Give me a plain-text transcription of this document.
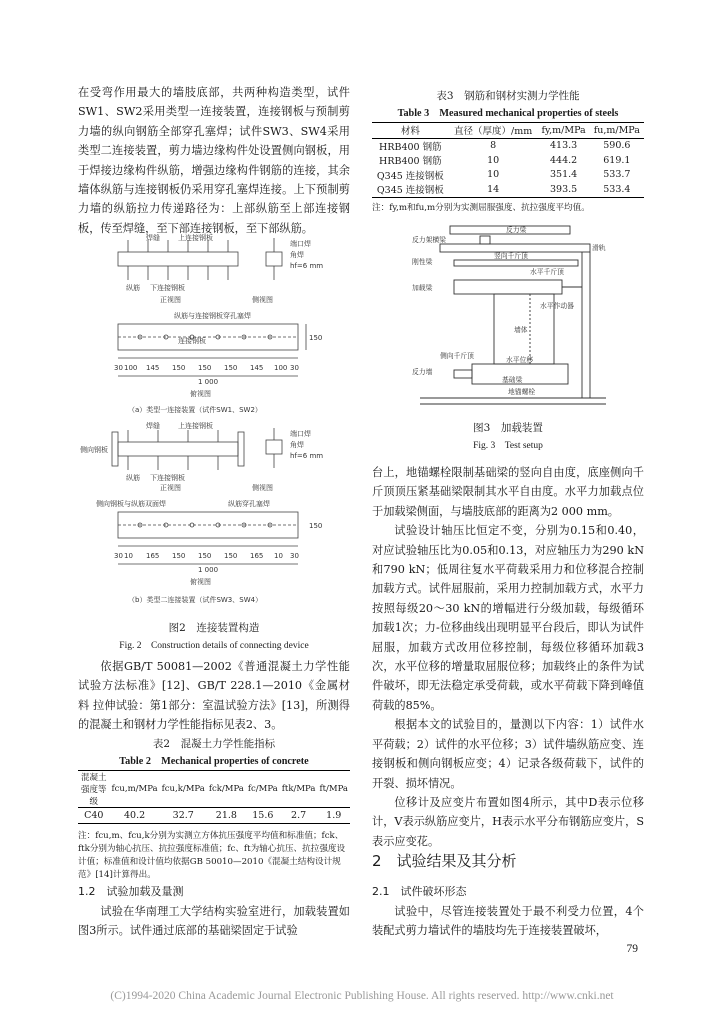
在受弯作用最大的墙肢底部，共两种构造类型，试件SW1、SW2采用类型一连接装置，连接钢板与预制剪力墙的纵向钢筋全部穿孔塞焊；试件SW3、SW4采用类型二连接装置，剪力墙边缘构件处设置侧向钢板，用于焊接边缘构件纵筋，增强边缘构件钢筋的连接，其余墙体纵筋与连接钢板仍采用穿孔塞焊连接。上下预制剪力墙的纵筋拉力传递路径为：上部纵筋至上部连接钢板，传至焊缝，至下部连接钢板，至下部纵筋。

焊缝	上连接钢板
端口焊
角焊
hf=6 mm
纵筋 下连接钢板
正视图	侧视图
纵筋与连接钢板穿孔塞焊
连接钢板	150
30 100 145 150 150 150 145 100 30
1 000
俯视图
（a）类型一连接装置（试件SW1、SW2）
焊缝	上连接钢板
侧向钢板
端口焊
角焊
hf=6 mm
纵筋 下连接钢板
正视图	侧视图
侧向钢板与纵筋双面焊	纵筋穿孔塞焊
150
30 10 165 150 150 150 165 10 30
1 000
俯视图
（b）类型二连接装置（试件SW3、SW4）

图2　连接装置构造

Fig. 2　Construction details of connecting device

依据GB/T 50081—2002《普通混凝土力学性能试验方法标准》[12]、GB/T 228.1—2010《金属材料 拉伸试验：第1部分：室温试验方法》[13]，所测得的混凝土和钢材力学性能指标见表2、3。

表2　混凝土力学性能指标

Table 2　Mechanical properties of concrete

混凝土强度等级	fcu,m/MPa	fcu,k/MPa	fck/MPa	fc/MPa	ftk/MPa	ft/MPa
C40	40.2	32.7	21.8	15.6	2.7	1.9

注：fcu,m、fcu,k分别为实测立方体抗压强度平均值和标准值；fck、ftk分别为轴心抗压、抗拉强度标准值；fc、ft为轴心抗压、抗拉强度设计值；标准值和设计值均依据GB 50010—2010《混凝土结构设计规范》[14]计算得出。

1.2　试验加载及量测

试验在华南理工大学结构实验室进行，加载装置如图3所示。试件通过底部的基础梁固定于试验

表3　钢筋和钢材实测力学性能

Table 3　Measured mechanical properties of steels

材料	直径（厚度）/mm	fy,m/MPa	fu,m/MPa
HRB400 钢筋	8	413.3	590.6
HRB400 钢筋	10	444.2	619.1
Q345 连接钢板	10	351.4	533.7
Q345 连接钢板	14	393.5	533.4

注：fy,m和fu,m分别为实测屈服强度、抗拉强度平均值。

反力梁
反力架横梁
滑轨
刚性梁
水平千斤顶
竖向千斤顶
加载梁
水平作动器
墙体
侧向千斤顶	水平位移
反力墙
基础梁
地锚螺栓

图3　加载装置

Fig. 3　Test setup

台上，地锚螺栓限制基础梁的竖向自由度，底座侧向千斤顶顶压紧基础梁限制其水平自由度。水平力加载点位于加载梁侧面，与墙肢底部的距离为2 000 mm。

试验设计轴压比恒定不变，分别为0.15和0.40，对应试验轴压比为0.05和0.13，对应轴压力为290 kN和790 kN；低周往复水平荷载采用力和位移混合控制加载方式。试件屈服前，采用力控制加载方式，水平力按照每级20～30 kN的增幅进行分级加载，每级循环加载1次；力-位移曲线出现明显平台段后，即认为试件屈服，加载方式改用位移控制，每级位移循环加载3次，水平位移的增量取屈服位移；加载终止的条件为试件破坏，即无法稳定承受荷载，或水平荷载下降到峰值荷载的85%。

根据本文的试验目的，量测以下内容：1）试件水平荷载；2）试件的水平位移；3）试件墙纵筋应变、连接钢板和侧向钢板应变；4）记录各级荷载下，试件的开裂、损坏情况。

位移计及应变片布置如图4所示，其中D表示位移计，V表示纵筋应变片，H表示水平分布钢筋应变片，S表示应变花。

2　试验结果及其分析

2.1　试件破坏形态

试验中，尽管连接装置处于最不利受力位置，4个装配式剪力墙试件的墙肢均先于连接装置破坏，

79
(C)1994-2020 China Academic Journal Electronic Publishing House. All rights reserved. http://www.cnki.net
